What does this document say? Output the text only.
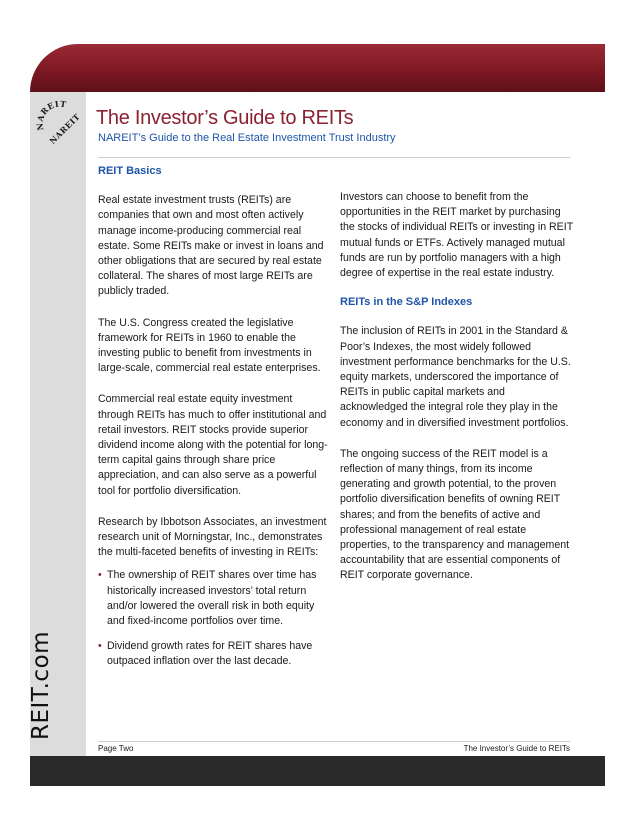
NAREIT
NAREIT
REIT.com
The Investor’s Guide to REITs
NAREIT’s Guide to the Real Estate Investment Trust Industry
REIT Basics

Real estate investment trusts (REITs) are companies that own and most often actively manage income-producing commercial real estate. Some REITs make or invest in loans and other obligations that are secured by real estate collateral. The shares of most large REITs are publicly traded.

The U.S. Congress created the legislative framework for REITs in 1960 to enable the investing public to benefit from investments in large-scale, commercial real estate enterprises.

Commercial real estate equity investment through REITs has much to offer institutional and retail investors. REIT stocks provide superior dividend income along with the potential for long-term capital gains through share price appreciation, and can also serve as a powerful tool for portfolio diversification.

Research by Ibbotson Associates, an investment research unit of Morningstar, Inc., demonstrates the multi-faceted benefits of investing in REITs:

• The ownership of REIT shares over time has historically increased investors’ total return and/or lowered the overall risk in both equity and fixed-income portfolios over time.
• Dividend growth rates for REIT shares have outpaced inflation over the last decade.

Investors can choose to benefit from the opportunities in the REIT market by purchasing the stocks of individual REITs or investing in REIT mutual funds or ETFs. Actively managed mutual funds are run by portfolio managers with a high degree of expertise in the real estate industry.

REITs in the S&P Indexes

The inclusion of REITs in 2001 in the Standard & Poor’s Indexes, the most widely followed investment performance benchmarks for the U.S. equity markets, underscored the importance of REITs in public capital markets and acknowledged the integral role they play in the economy and in diversified investment portfolios.

The ongoing success of the REIT model is a reflection of many things, from its income generating and growth potential, to the proven portfolio diversification benefits of owning REIT shares; and from the benefits of active and professional management of real estate properties, to the transparency and management accountability that are essential components of REIT corporate governance.

Page Two	The Investor’s Guide to REITs
